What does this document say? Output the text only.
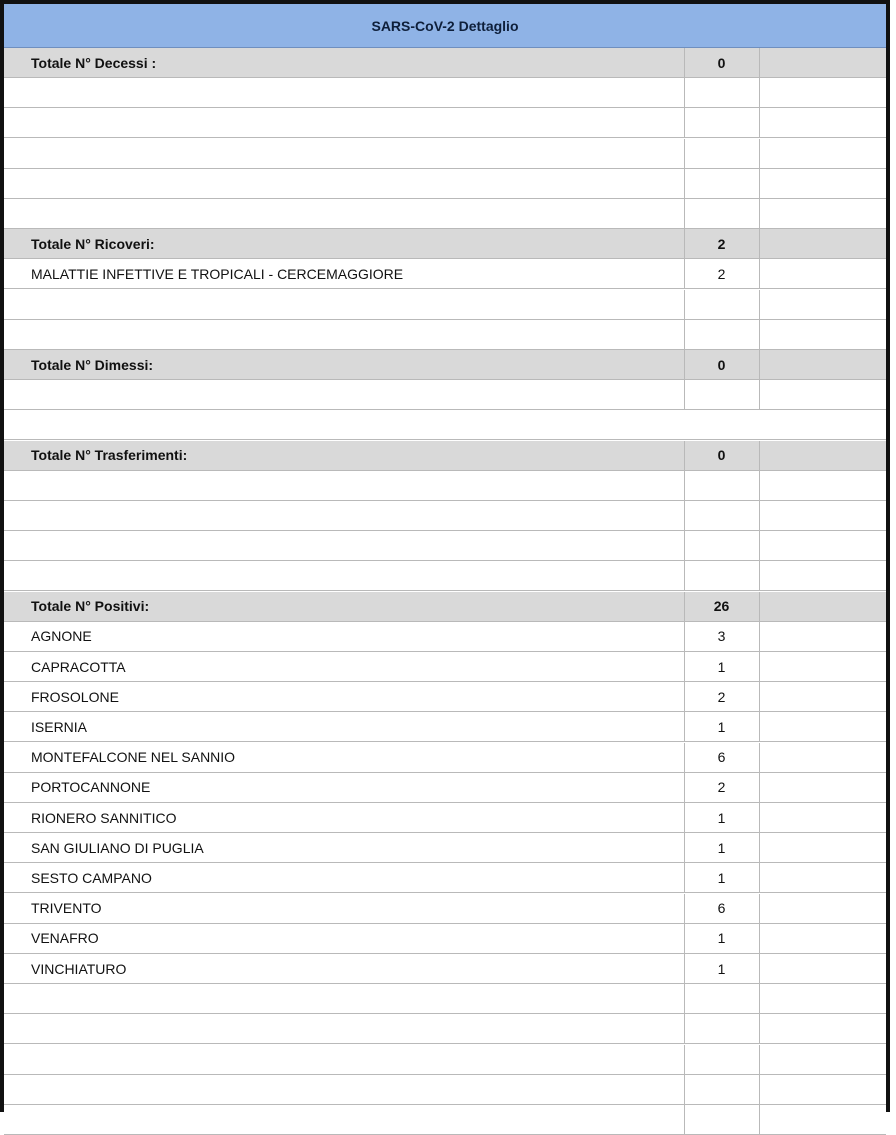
SARS-CoV-2 Dettaglio
Totale N° Decessi :	0
Totale N° Ricoveri:	2
MALATTIE INFETTIVE E TROPICALI - CERCEMAGGIORE	2
Totale N° Dimessi:	0
Totale N° Trasferimenti:	0
Totale N° Positivi:	26
AGNONE	3
CAPRACOTTA	1
FROSOLONE	2
ISERNIA	1
MONTEFALCONE NEL SANNIO	6
PORTOCANNONE	2
RIONERO SANNITICO	1
SAN GIULIANO DI PUGLIA	1
SESTO CAMPANO	1
TRIVENTO	6
VENAFRO	1
VINCHIATURO	1
